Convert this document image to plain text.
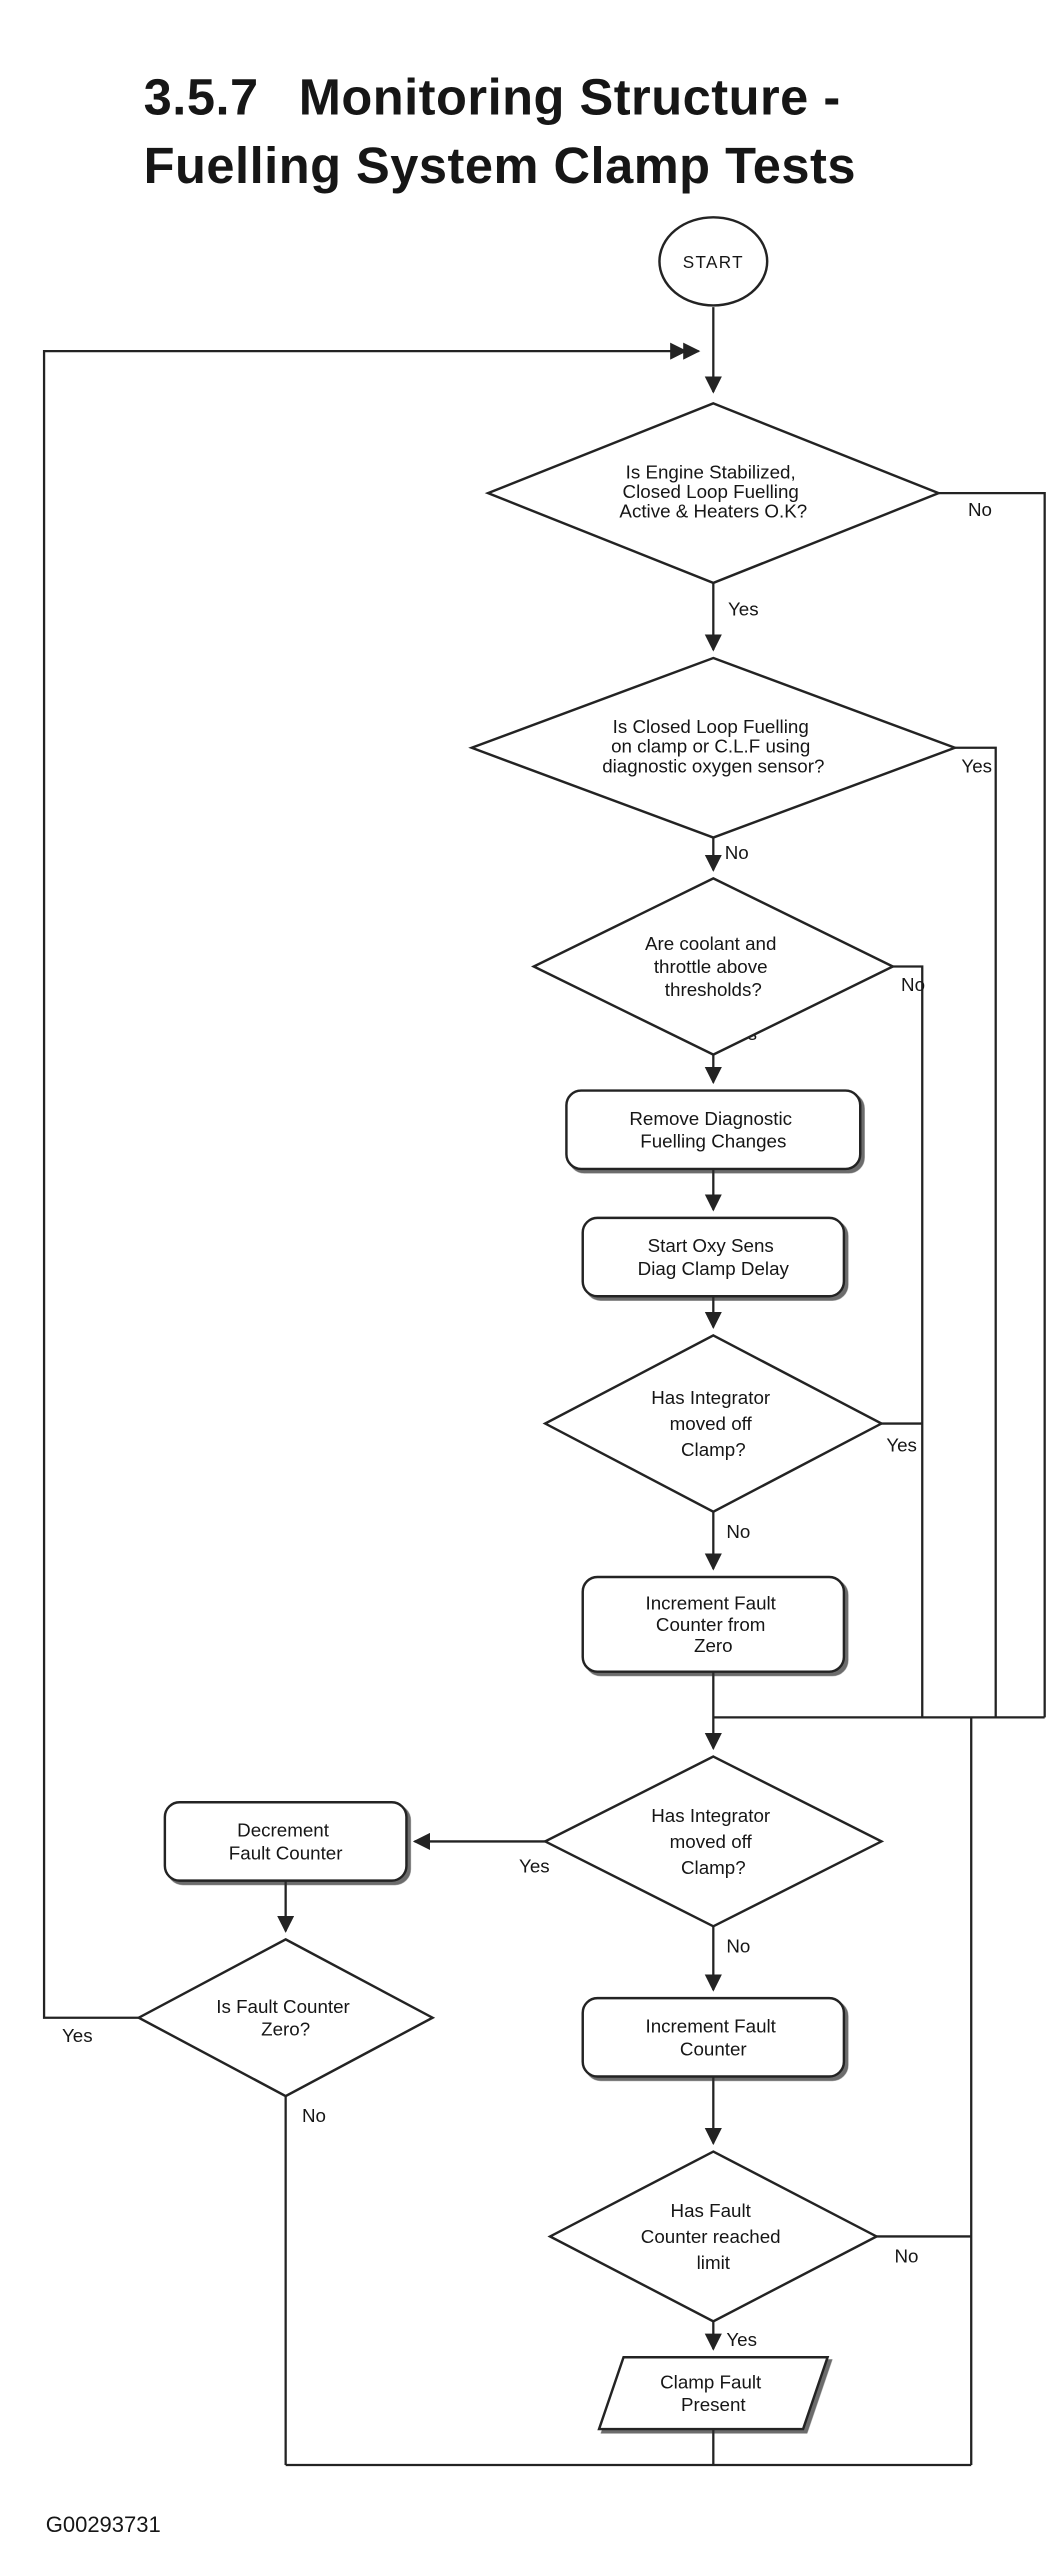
3.5.7 Monitoring Structure -
Fuelling System Clamp Tests
No
Yes
Yes
No
No
Yes
No
Yes
No
Yes
No
No
Yes
START
Is Engine Stabilized, Closed Loop Fuelling Active & Heaters O.K?
Is Closed Loop Fuelling on clamp or C.L.F using diagnostic oxygen sensor?
Are coolant and throttle above thresholds?
Remove Diagnostic Fuelling Changes
Start Oxy Sens Diag Clamp Delay
Has Integrator moved off Clamp?
Increment Fault Counter from Zero
Has Integrator moved off Clamp?
Decrement Fault Counter
Is Fault Counter Zero?	Increment Fault Counter
Has Fault Counter reached limit
Clamp Fault Present
G00293731
